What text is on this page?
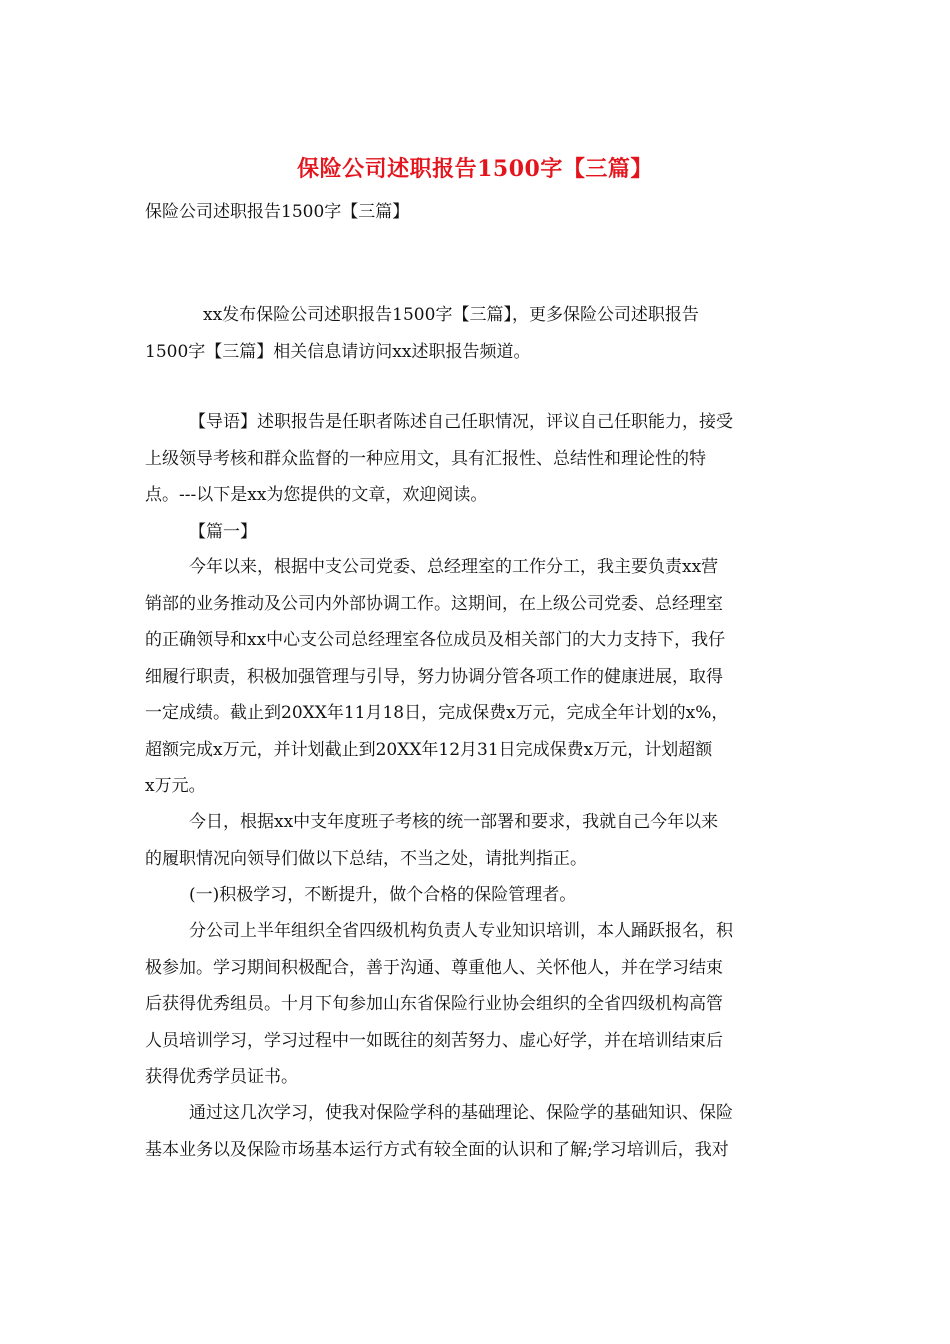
保险公司述职报告1500字【三篇】
保险公司述职报告1500字【三篇】
xx发布保险公司述职报告1500字【三篇】，更多保险公司述职报告
1500字【三篇】相关信息请访问xx述职报告频道。
【导语】述职报告是任职者陈述自己任职情况，评议自己任职能力，接受
上级领导考核和群众监督的一种应用文，具有汇报性、总结性和理论性的特
点。---以下是xx为您提供的文章，欢迎阅读。
【篇一】
今年以来，根据中支公司党委、总经理室的工作分工，我主要负责xx营
销部的业务推动及公司内外部协调工作。这期间，在上级公司党委、总经理室
的正确领导和xx中心支公司总经理室各位成员及相关部门的大力支持下，我仔
细履行职责，积极加强管理与引导，努力协调分管各项工作的健康进展，取得
一定成绩。截止到20XX年11月18日，完成保费x万元，完成全年计划的x%，
超额完成x万元，并计划截止到20XX年12月31日完成保费x万元，计划超额
x万元。
今日，根据xx中支年度班子考核的统一部署和要求，我就自己今年以来
的履职情况向领导们做以下总结，不当之处，请批判指正。
(一)积极学习，不断提升，做个合格的保险管理者。
分公司上半年组织全省四级机构负责人专业知识培训，本人踊跃报名，积
极参加。学习期间积极配合，善于沟通、尊重他人、关怀他人，并在学习结束
后获得优秀组员。十月下旬参加山东省保险行业协会组织的全省四级机构高管
人员培训学习，学习过程中一如既往的刻苦努力、虚心好学，并在培训结束后
获得优秀学员证书。
通过这几次学习，使我对保险学科的基础理论、保险学的基础知识、保险
基本业务以及保险市场基本运行方式有较全面的认识和了解;学习培训后，我对
